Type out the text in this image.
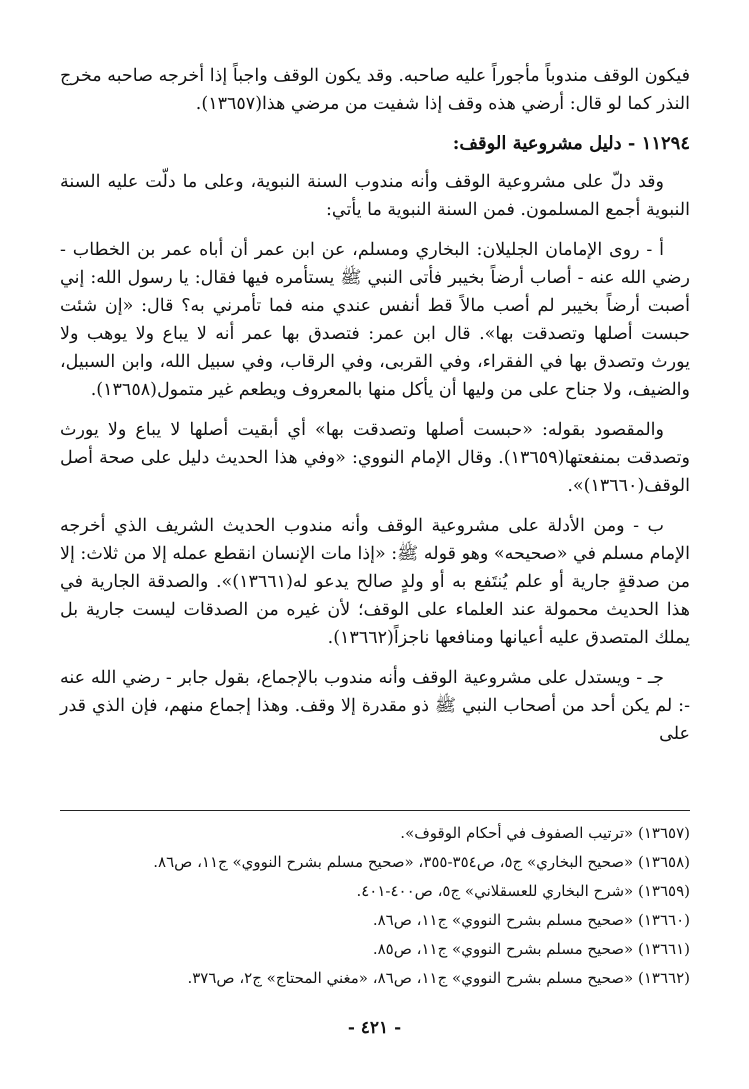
فيكون الوقف مندوباً مأجوراً عليه صاحبه. وقد يكون الوقف واجباً إذا أخرجه صاحبه مخرج النذر كما لو قال: أرضي هذه وقف إذا شفيت من مرضي هذا(١٣٦٥٧).

١١٢٩٤ - دليل مشروعية الوقف:

وقد دلّ على مشروعية الوقف وأنه مندوب السنة النبوية، وعلى ما دلّت عليه السنة النبوية أجمع المسلمون. فمن السنة النبوية ما يأتي:

أ - روى الإمامان الجليلان: البخاري ومسلم، عن ابن عمر أن أباه عمر بن الخطاب - رضي الله عنه - أصاب أرضاً بخيبر فأتى النبي ﷺ يستأمره فيها فقال: يا رسول الله: إني أصبت أرضاً بخيبر لم أصب مالاً قط أنفس عندي منه فما تأمرني به؟ قال: «إن شئت حبست أصلها وتصدقت بها». قال ابن عمر: فتصدق بها عمر أنه لا يباع ولا يوهب ولا يورث وتصدق بها في الفقراء، وفي القربى، وفي الرقاب، وفي سبيل الله، وابن السبيل، والضيف، ولا جناح على من وليها أن يأكل منها بالمعروف ويطعم غير متمول(١٣٦٥٨).

والمقصود بقوله: «حبست أصلها وتصدقت بها» أي أبقيت أصلها لا يباع ولا يورث وتصدقت بمنفعتها(١٣٦٥٩). وقال الإمام النووي: «وفي هذا الحديث دليل على صحة أصل الوقف(١٣٦٦٠)».

ب - ومن الأدلة على مشروعية الوقف وأنه مندوب الحديث الشريف الذي أخرجه الإمام مسلم في «صحيحه» وهو قوله ﷺ: «إذا مات الإنسان انقطع عمله إلا من ثلاث: إلا من صدقةٍ جارية أو علم يُنتَفع به أو ولدٍ صالح يدعو له(١٣٦٦١)». والصدقة الجارية في هذا الحديث محمولة عند العلماء على الوقف؛ لأن غيره من الصدقات ليست جارية بل يملك المتصدق عليه أعيانها ومنافعها ناجزاً(١٣٦٦٢).

جـ - ويستدل على مشروعية الوقف وأنه مندوب بالإجماع، بقول جابر - رضي الله عنه -: لم يكن أحد من أصحاب النبي ﷺ ذو مقدرة إلا وقف. وهذا إجماع منهم، فإن الذي قدر على

(١٣٦٥٧) «ترتيب الصفوف في أحكام الوقوف».
(١٣٦٥٨) «صحيح البخاري» ج٥، ص٣٥٤-٣٥٥، «صحيح مسلم بشرح النووي» ج١١، ص٨٦.
(١٣٦٥٩) «شرح البخاري للعسقلاني» ج٥، ص٤٠٠-٤٠١.
(١٣٦٦٠) «صحيح مسلم بشرح النووي» ج١١، ص٨٦.
(١٣٦٦١) «صحيح مسلم بشرح النووي» ج١١، ص٨٥.
(١٣٦٦٢) «صحيح مسلم بشرح النووي» ج١١، ص٨٦، «مغني المحتاج» ج٢، ص٣٧٦.
- ٤٢١ -
